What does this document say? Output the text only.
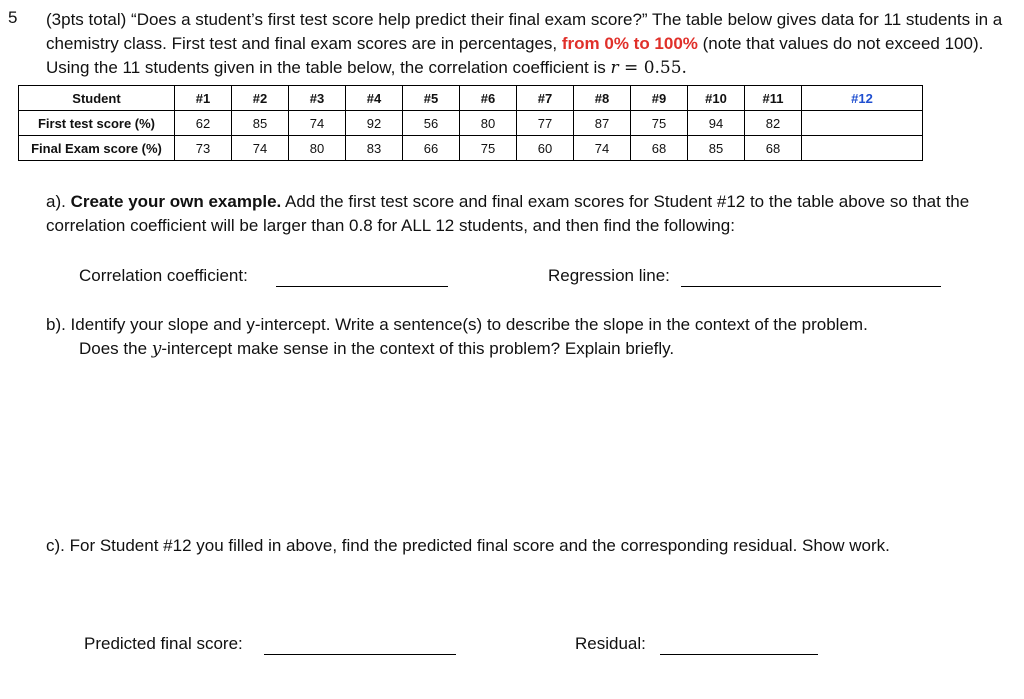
5 (3pts total) “Does a student’s first test score help predict their final exam score?” The table below gives data for 11 students in a chemistry class. First test and final exam scores are in percentages, from 0% to 100% (note that values do not exceed 100). Using the 11 students given in the table below, the correlation coefficient is r = 0.55.
Student	#1	#2	#3	#4	#5	#6	#7	#8	#9	#10	#11	#12
First test score (%)	62	85	74	92	56	80	77	87	75	94	82	
Final Exam score (%)	73	74	80	83	66	75	60	74	68	85	68	
a). Create your own example. Add the first test score and final exam scores for Student #12 to the table above so that the correlation coefficient will be larger than 0.8 for ALL 12 students, and then find the following:
Correlation coefficient:	Regression line:
b). Identify your slope and y-intercept. Write a sentence(s) to describe the slope in the context of the problem.
Does the y-intercept make sense in the context of this problem? Explain briefly.
c). For Student #12 you filled in above, find the predicted final score and the corresponding residual. Show work.
Predicted final score:	Residual:
